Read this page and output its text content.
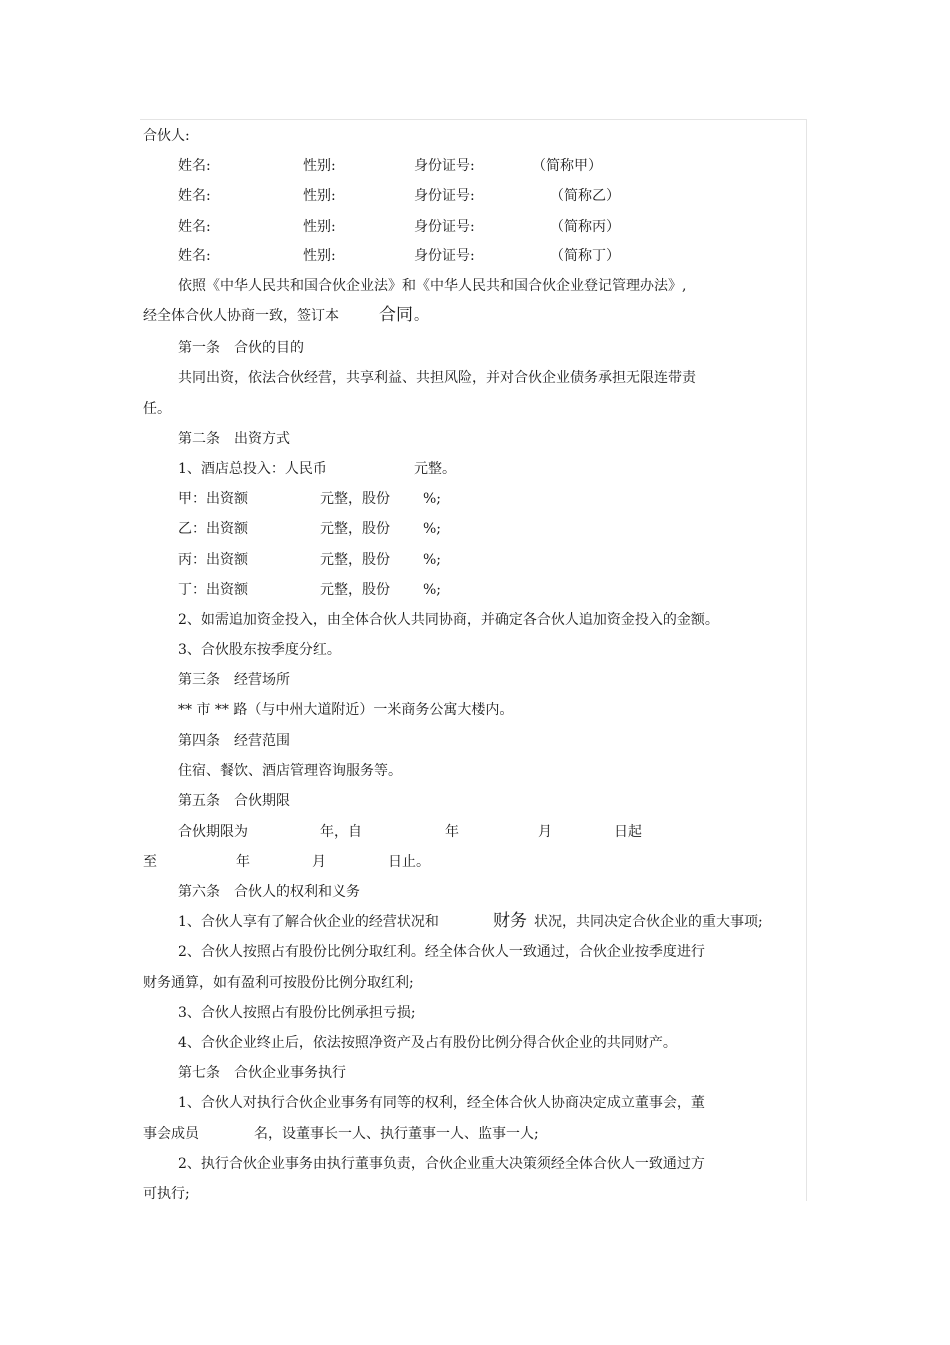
合伙人:
姓名:	性别:	身份证号:	（简称甲）
姓名:	性别:	身份证号:	（简称乙）
姓名:	性别:	身份证号:	（简称丙）
姓名:	性别:	身份证号:	（简称丁）
依照《中华人民共和国合伙企业法》和《中华人民共和国合伙企业登记管理办法》,
经全体合伙人协商一致，签订本 合同 。
第一条　合伙的目的
共同出资，依法合伙经营，共享利益、共担风险，并对合伙企业债务承担无限连带责
任。
第二条　出资方式
1、酒店总投入：人民币	元整。
甲：出资额	元整，股份 %;
乙：出资额	元整，股份 %;
丙：出资额	元整，股份 %;
丁：出资额	元整，股份 %;
2、如需追加资金投入，由全体合伙人共同协商，并确定各合伙人追加资金投入的金额。
3、合伙股东按季度分红。
第三条　经营场所
** 市 ** 路（与中州大道附近）一米商务公寓大楼内。
第四条　经营范围
住宿、餐饮、酒店管理咨询服务等。
第五条　合伙期限
合伙期限为	年，自	年	月	日起
至	年	月	日止。
第六条　合伙人的权利和义务
1、合伙人享有了解合伙企业的经营状况和	财务 状况，共同决定合伙企业的重大事项;
2、合伙人按照占有股份比例分取红利。经全体合伙人一致通过，合伙企业按季度进行
财务通算，如有盈利可按股份比例分取红利;
3、合伙人按照占有股份比例承担亏损;
4、合伙企业终止后，依法按照净资产及占有股份比例分得合伙企业的共同财产。
第七条　合伙企业事务执行
1、合伙人对执行合伙企业事务有同等的权利，经全体合伙人协商决定成立董事会，董
事会成员	名，设董事长一人、执行董事一人、监事一人;
2、执行合伙企业事务由执行董事负责，合伙企业重大决策须经全体合伙人一致通过方
可执行;
